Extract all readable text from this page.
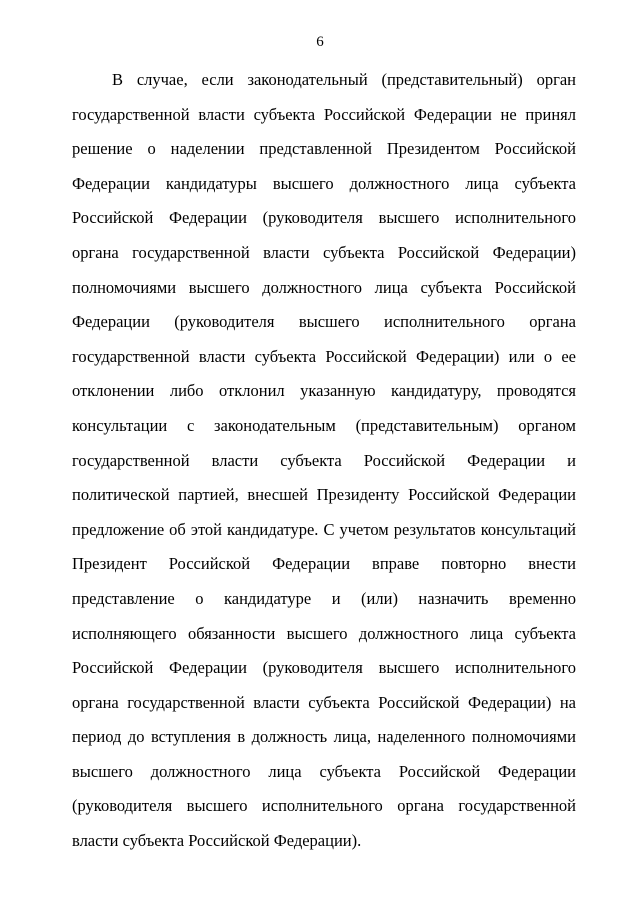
6

В случае, если законодательный (представительный) орган государственной власти субъекта Российской Федерации не принял решение о наделении представленной Президентом Российской Федерации кандидатуры высшего должностного лица субъекта Российской Федерации (руководителя высшего исполнительного органа государственной власти субъекта Российской Федерации) полномочиями высшего должностного лица субъекта Российской Федерации (руководителя высшего исполнительного органа государственной власти субъекта Российской Федерации) или о ее отклонении либо отклонил указанную кандидатуру, проводятся консультации с законодательным (представительным) органом государственной власти субъекта Российской Федерации и политической партией, внесшей Президенту Российской Федерации предложение об этой кандидатуре. С учетом результатов консультаций Президент Российской Федерации вправе повторно внести представление о кандидатуре и (или) назначить временно исполняющего обязанности высшего должностного лица субъекта Российской Федерации (руководителя высшего исполнительного органа государственной власти субъекта Российской Федерации) на период до вступления в должность лица, наделенного полномочиями высшего должностного лица субъекта Российской Федерации (руководителя высшего исполнительного органа государственной власти субъекта Российской Федерации).
